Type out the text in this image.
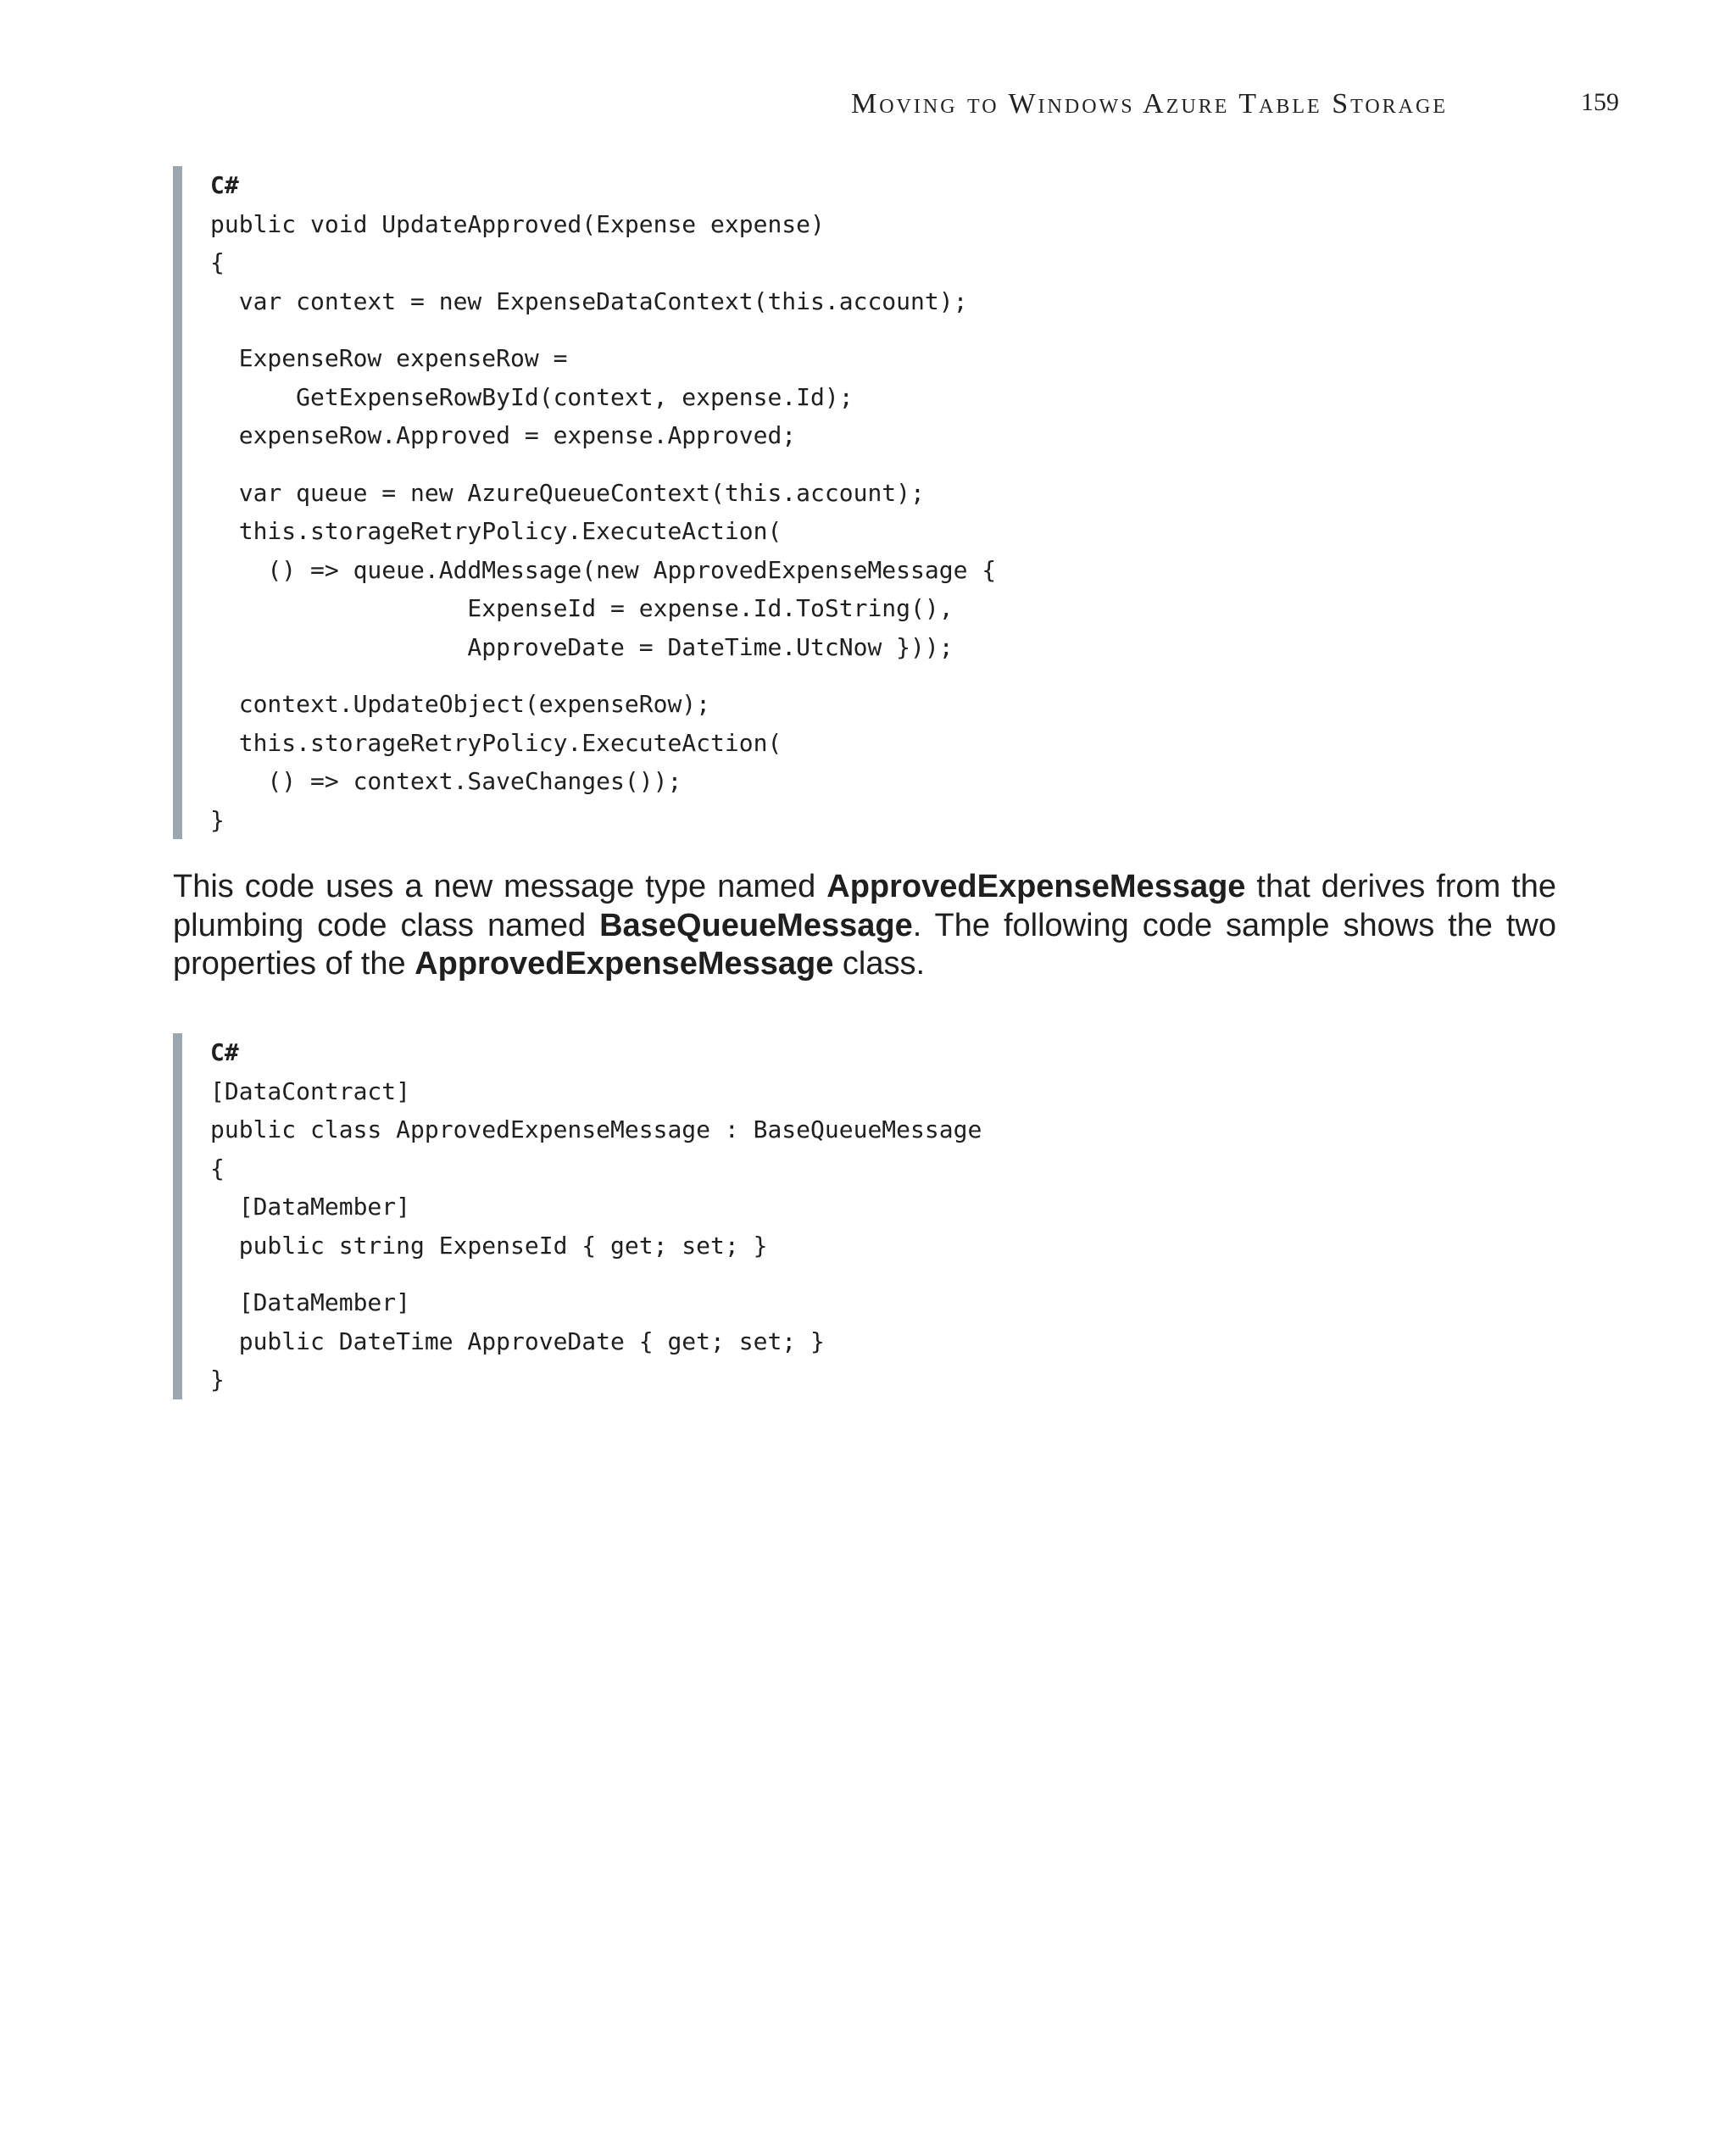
Moving to Windows Azure Table Storage	159
C#
public void UpdateApproved(Expense expense)
{
var context = new ExpenseDataContext(this.account);
ExpenseRow expenseRow =
GetExpenseRowById(context, expense.Id);
expenseRow.Approved = expense.Approved;
var queue = new AzureQueueContext(this.account);
this.storageRetryPolicy.ExecuteAction(
() => queue.AddMessage(new ApprovedExpenseMessage {
ExpenseId = expense.Id.ToString(),
ApproveDate = DateTime.UtcNow }));
context.UpdateObject(expenseRow);
this.storageRetryPolicy.ExecuteAction(
() => context.SaveChanges());
}

This code uses a new message type named ApprovedExpenseMessage that derives from the plumbing code class named BaseQueueMessage. The following code sample shows the two properties of the ApprovedExpenseMessage class.

C#
[DataContract]
public class ApprovedExpenseMessage : BaseQueueMessage
{
[DataMember]
public string ExpenseId { get; set; }
[DataMember]
public DateTime ApproveDate { get; set; }
}
